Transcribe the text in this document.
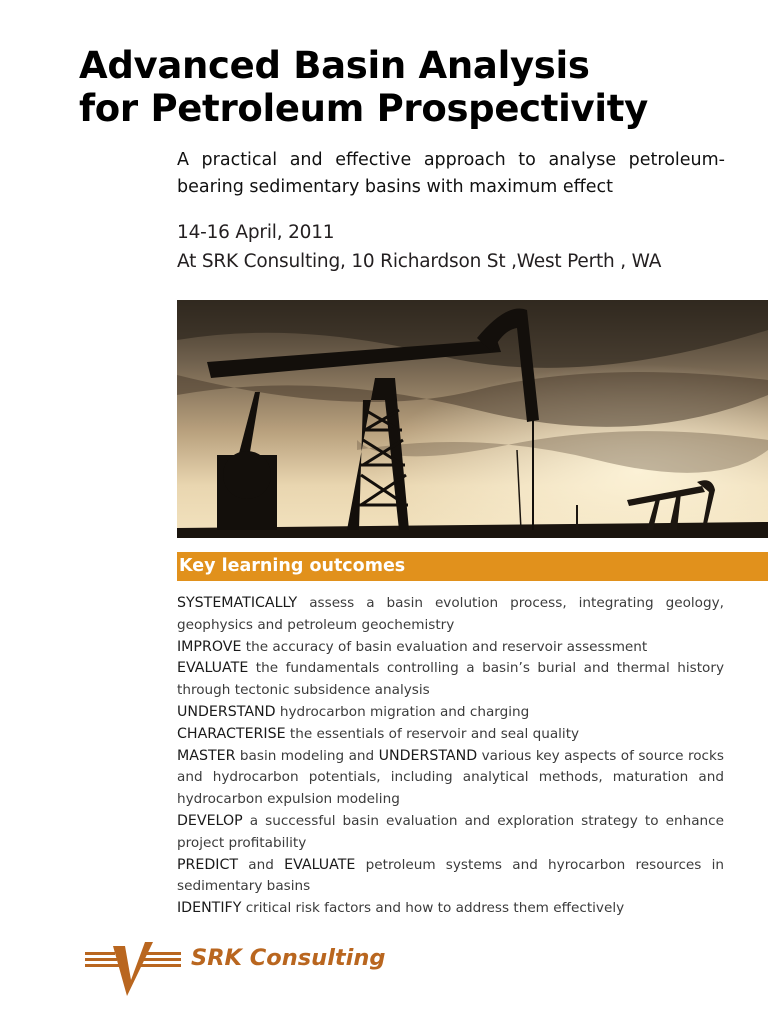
Advanced Basin Analysis
for Petroleum Prospectivity
A practical and effective approach to analyse petroleum-bearing sedimentary basins with maximum effect
14-16 April, 2011
At SRK Consulting, 10 Richardson St ,West Perth , WA
Key learning outcomes

SYSTEMATICALLY assess a basin evolution process, integrating geology, geophysics and petroleum geochemistry

IMPROVE the accuracy of basin evaluation and reservoir assessment

EVALUATE the fundamentals controlling a basin’s burial and thermal history through tectonic subsidence analysis

UNDERSTAND hydrocarbon migration and charging

CHARACTERISE the essentials of reservoir and seal quality

MASTER basin modeling and UNDERSTAND various key aspects of source rocks and hydrocarbon potentials, including analytical methods, maturation and hydrocarbon expulsion modeling

DEVELOP a successful basin evaluation and exploration strategy to enhance project profitability

PREDICT and EVALUATE petroleum systems and hyrocarbon resources in sedimentary basins

IDENTIFY critical risk factors and how to address them effectively

SRK Consulting
